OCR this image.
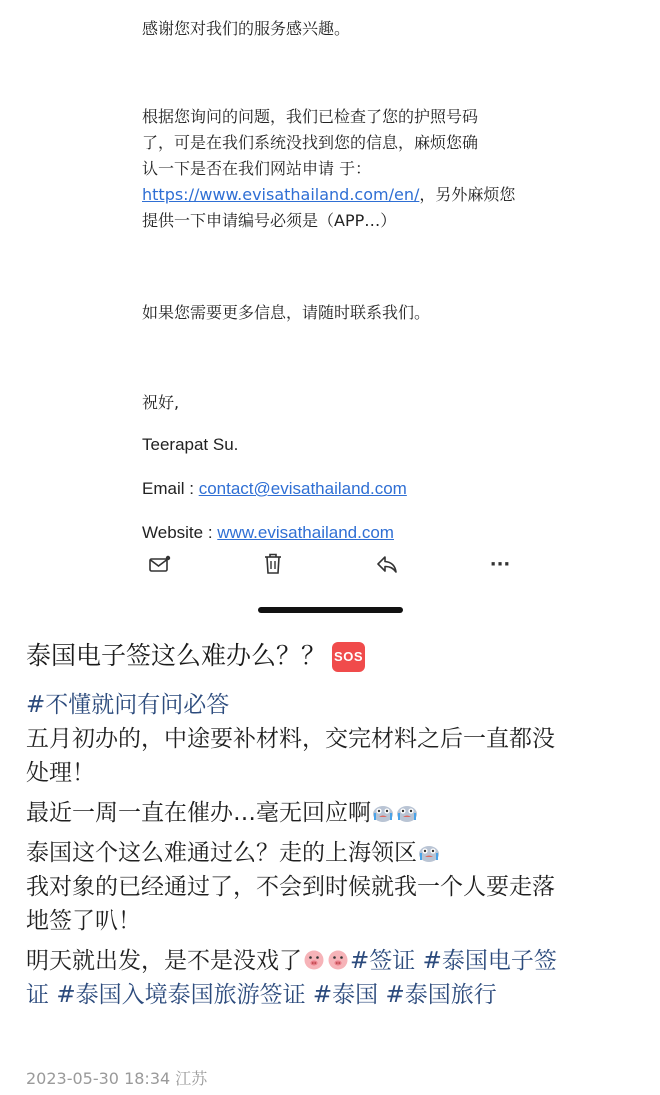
感谢您对我们的服务感兴趣。
根据您询问的问题，我们已检查了您的护照号码
了，可是在我们系统没找到您的信息，麻烦您确
认一下是否在我们网站申请 于：
https://www.evisathailand.com/en/，另外麻烦您
提供一下申请编号必须是（APP…）
如果您需要更多信息，请随时联系我们。
祝好,
Teerapat Su.
Email : contact@evisathailand.com
Website : www.evisathailand.com
···
泰国电子签这么难办么？？ SOS
#不懂就问有问必答
五月初办的，中途要补材料，交完材料之后一直都没
处理！
最近一周一直在催办…毫无回应啊
泰国这个这么难通过么？走的上海领区
我对象的已经通过了，不会到时候就我一个人要走落
地签了叭！
明天就出发，是不是没戏了 #签证 #泰国电子签
证 #泰国入境泰国旅游签证 #泰国 #泰国旅行
2023-05-30 18:34 江苏
